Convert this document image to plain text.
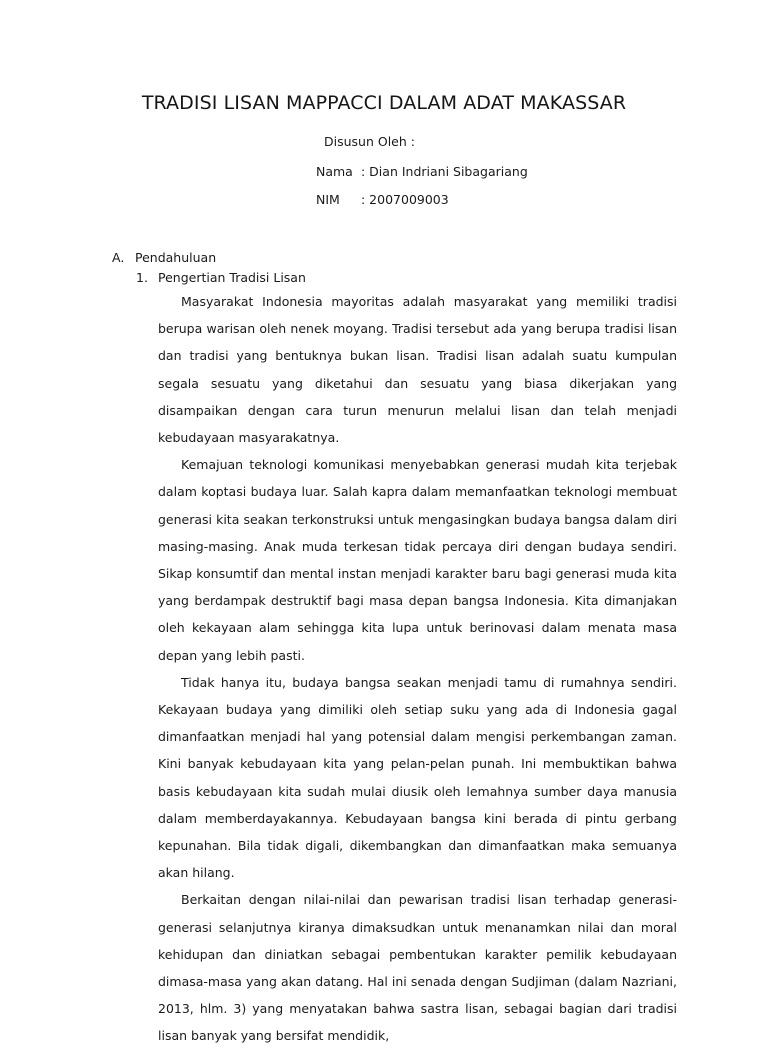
TRADISI LISAN MAPPACCI DALAM ADAT MAKASSAR
Disusun Oleh :
Nama : Dian Indriani Sibagariang
NIM : 2007009003
A. Pendahuluan
1. Pengertian Tradisi Lisan

Masyarakat Indonesia mayoritas adalah masyarakat yang memiliki tradisi berupa warisan oleh nenek moyang. Tradisi tersebut ada yang berupa tradisi lisan dan tradisi yang bentuknya bukan lisan. Tradisi lisan adalah suatu kumpulan segala sesuatu yang diketahui dan sesuatu yang biasa dikerjakan yang disampaikan dengan cara turun menurun melalui lisan dan telah menjadi kebudayaan masyarakatnya.

Kemajuan teknologi komunikasi menyebabkan generasi mudah kita terjebak dalam koptasi budaya luar. Salah kapra dalam memanfaatkan teknologi membuat generasi kita seakan terkonstruksi untuk mengasingkan budaya bangsa dalam diri masing-masing. Anak muda terkesan tidak percaya diri dengan budaya sendiri. Sikap konsumtif dan mental instan menjadi karakter baru bagi generasi muda kita yang berdampak destruktif bagi masa depan bangsa Indonesia. Kita dimanjakan oleh kekayaan alam sehingga kita lupa untuk berinovasi dalam menata masa depan yang lebih pasti.

Tidak hanya itu, budaya bangsa seakan menjadi tamu di rumahnya sendiri. Kekayaan budaya yang dimiliki oleh setiap suku yang ada di Indonesia gagal dimanfaatkan menjadi hal yang potensial dalam mengisi perkembangan zaman. Kini banyak kebudayaan kita yang pelan-pelan punah. Ini membuktikan bahwa basis kebudayaan kita sudah mulai diusik oleh lemahnya sumber daya manusia dalam memberdayakannya. Kebudayaan bangsa kini berada di pintu gerbang kepunahan. Bila tidak digali, dikembangkan dan dimanfaatkan maka semuanya akan hilang.

Berkaitan dengan nilai-nilai dan pewarisan tradisi lisan terhadap generasi-generasi selanjutnya kiranya dimaksudkan untuk menanamkan nilai dan moral kehidupan dan diniatkan sebagai pembentukan karakter pemilik kebudayaan dimasa-masa yang akan datang. Hal ini senada dengan Sudjiman (dalam Nazriani, 2013, hlm. 3) yang menyatakan bahwa sastra lisan, sebagai bagian dari tradisi lisan banyak yang bersifat mendidik,
